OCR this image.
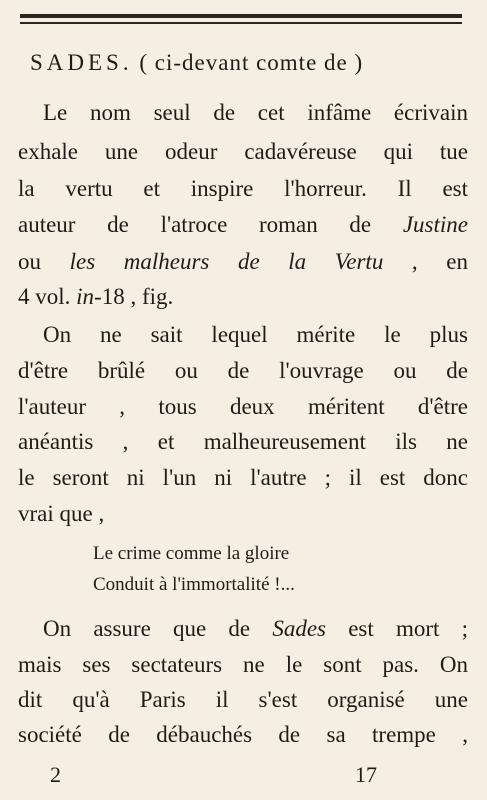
SADES. ( ci-devant comte de )
Le nom seul de cet infâme écrivain
exhale une odeur cadavéreuse qui tue
la vertu et inspire l'horreur. Il est
auteur de l'atroce roman de Justine
ou les malheurs de la Vertu , en
4 vol. in-18 , fig.
On ne sait lequel mérite le plus
d'être brûlé ou de l'ouvrage ou de
l'auteur , tous deux méritent d'être
anéantis , et malheureusement ils ne
le seront ni l'un ni l'autre ; il est donc
vrai que ,
Le crime comme la gloire
Conduit à l'immortalité !...
On assure que de Sades est mort ;
mais ses sectateurs ne le sont pas. On
dit qu'à Paris il s'est organisé une
société de débauchés de sa trempe ,
2	17
